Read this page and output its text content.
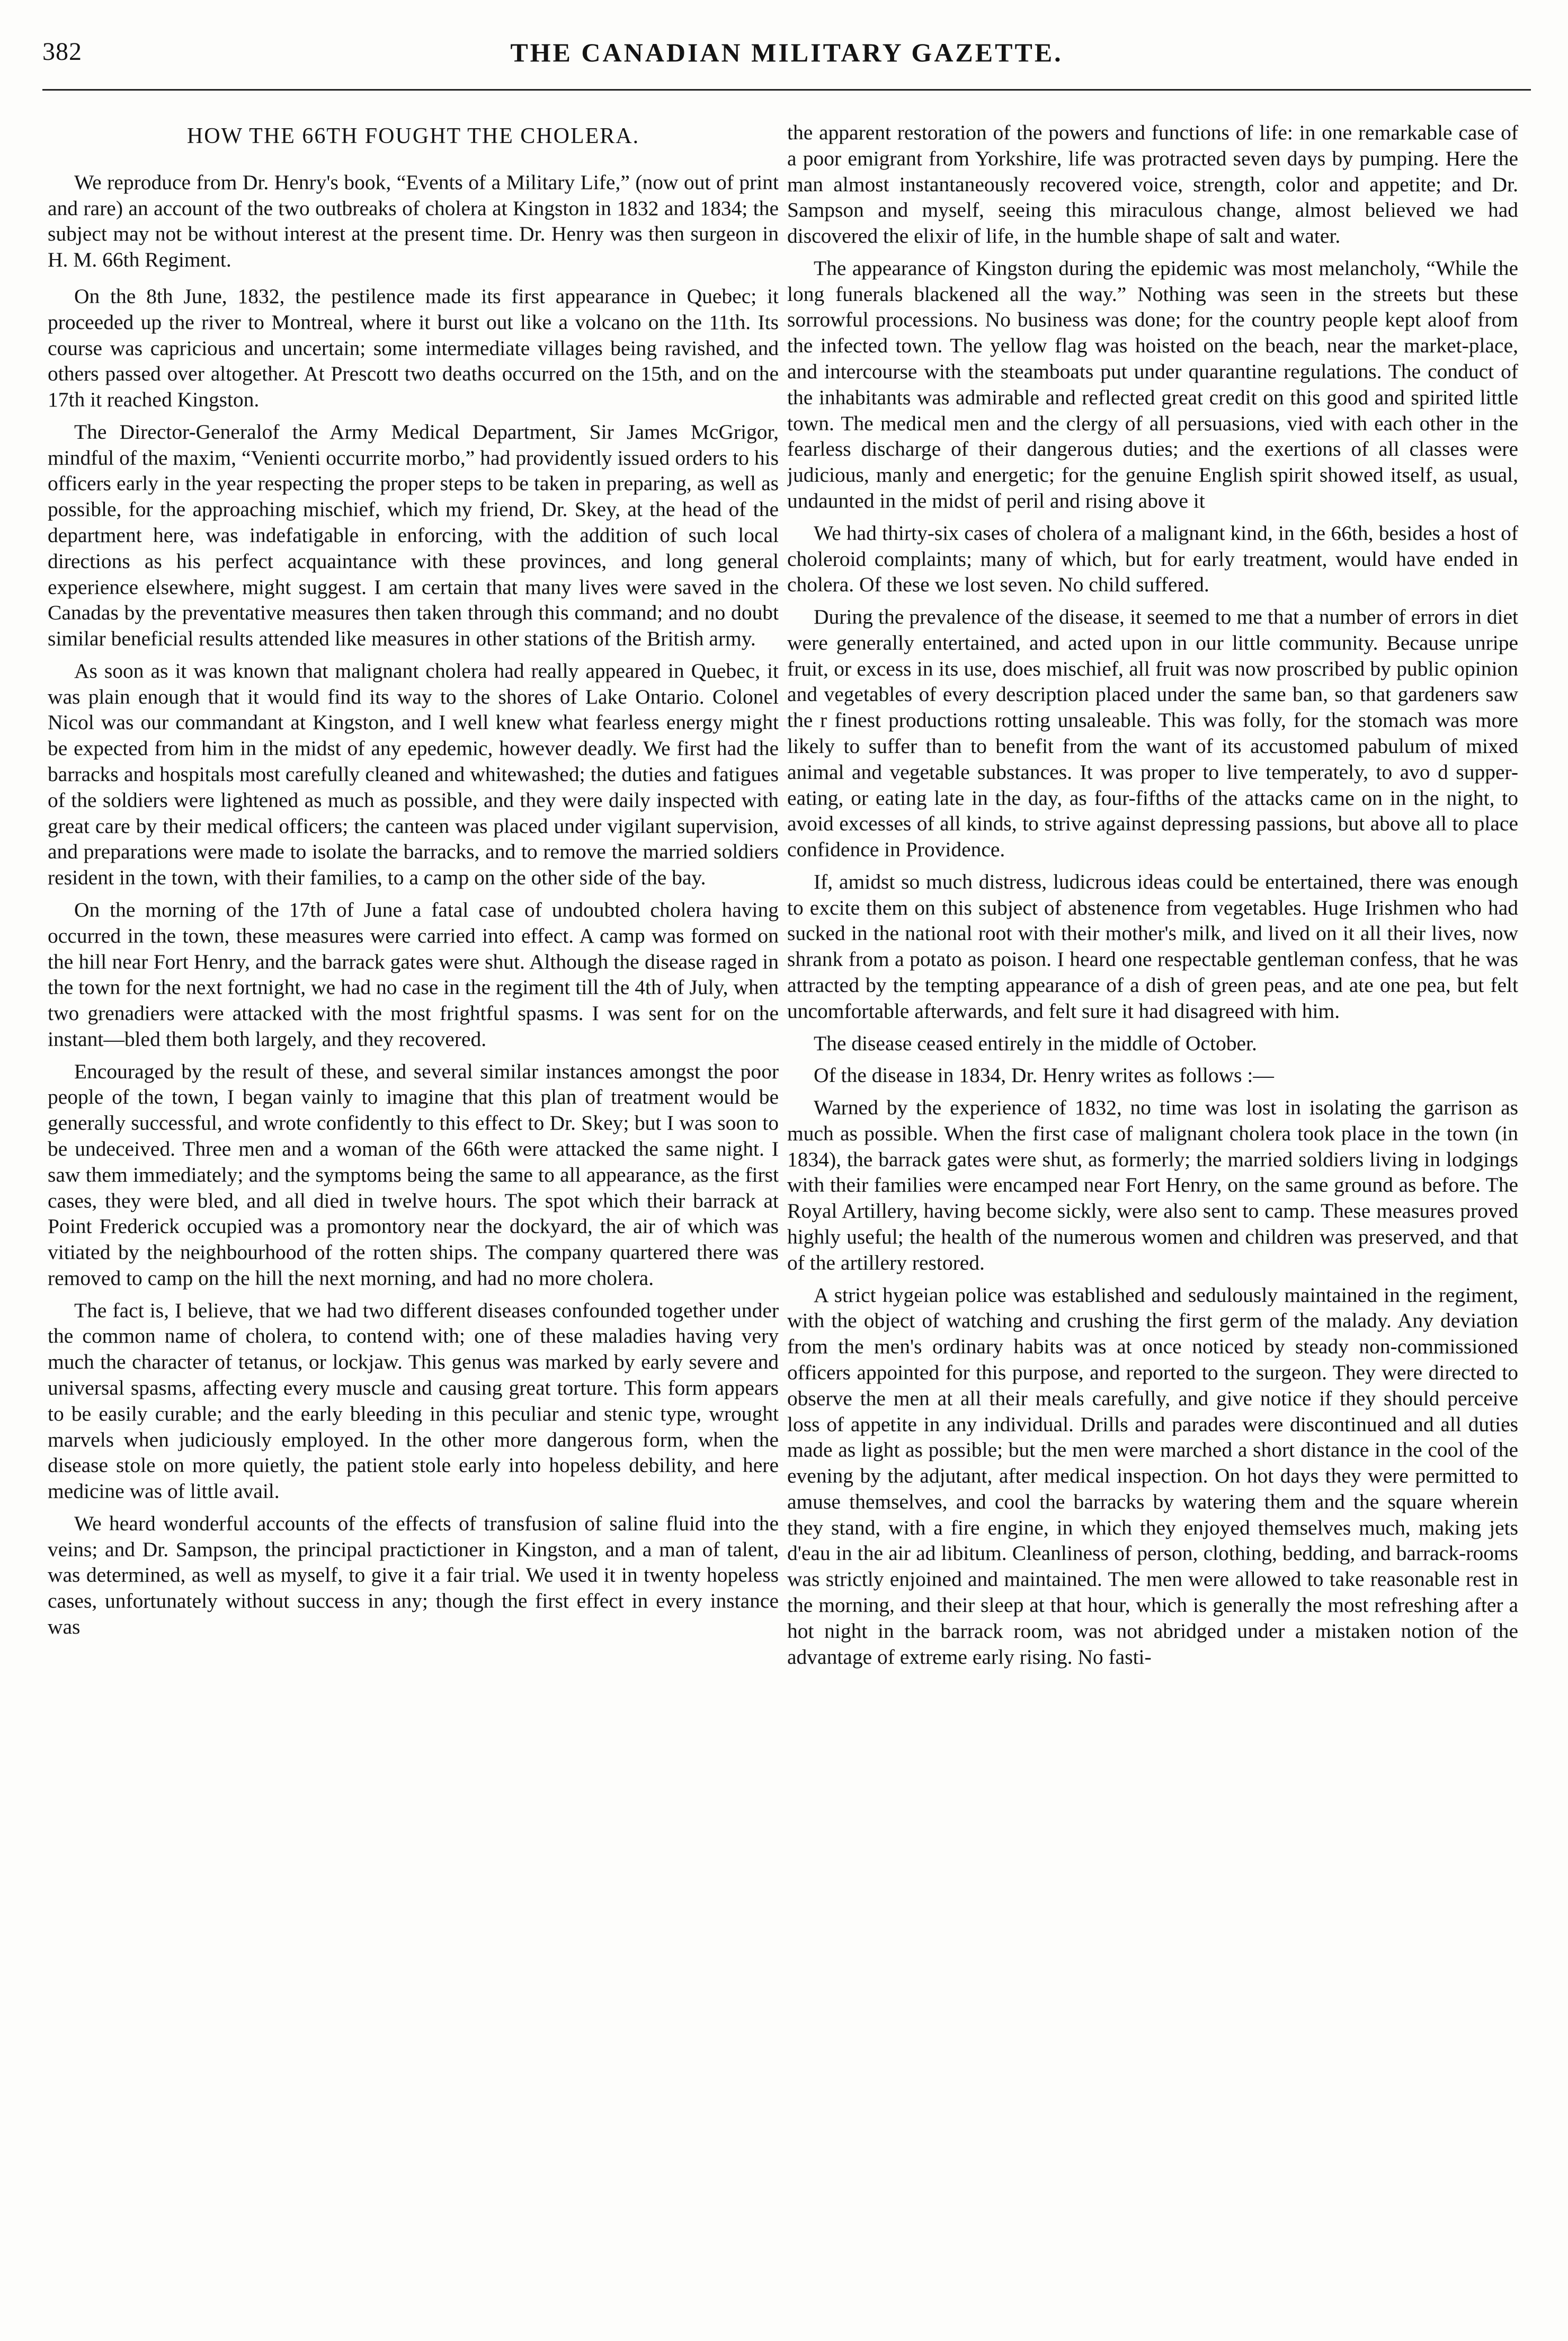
382	THE CANADIAN MILITARY GAZETTE.
HOW THE 66TH FOUGHT THE CHOLERA.

We reproduce from Dr. Henry's book, “Events of a Military Life,” (now out of print and rare) an account of the two outbreaks of cholera at Kingston in 1832 and 1834; the subject may not be without interest at the present time. Dr. Henry was then surgeon in H. M. 66th Regiment.

On the 8th June, 1832, the pestilence made its first appearance in Quebec; it proceeded up the river to Montreal, where it burst out like a volcano on the 11th. Its course was capricious and uncertain; some intermediate villages being ravished, and others passed over altogether. At Prescott two deaths occurred on the 15th, and on the 17th it reached Kingston.

The Director-Generalof the Army Medical Department, Sir James McGrigor, mindful of the maxim, “Venienti occurrite morbo,” had providently issued orders to his officers early in the year respecting the proper steps to be taken in preparing, as well as possible, for the approaching mischief, which my friend, Dr. Skey, at the head of the department here, was indefatigable in enforcing, with the addition of such local directions as his perfect acquaintance with these provinces, and long general experience elsewhere, might suggest. I am certain that many lives were saved in the Canadas by the preventative measures then taken through this command; and no doubt similar beneficial results attended like measures in other stations of the British army.

As soon as it was known that malignant cholera had really appeared in Quebec, it was plain enough that it would find its way to the shores of Lake Ontario. Colonel Nicol was our commandant at Kingston, and I well knew what fearless energy might be expected from him in the midst of any epedemic, however deadly. We first had the barracks and hospitals most carefully cleaned and whitewashed; the duties and fatigues of the soldiers were lightened as much as possible, and they were daily inspected with great care by their medical officers; the canteen was placed under vigilant supervision, and preparations were made to isolate the barracks, and to remove the married soldiers resident in the town, with their families, to a camp on the other side of the bay.

On the morning of the 17th of June a fatal case of undoubted cholera having occurred in the town, these measures were carried into effect. A camp was formed on the hill near Fort Henry, and the barrack gates were shut. Although the disease raged in the town for the next fortnight, we had no case in the regiment till the 4th of July, when two grenadiers were attacked with the most frightful spasms. I was sent for on the instant—bled them both largely, and they recovered.

Encouraged by the result of these, and several similar instances amongst the poor people of the town, I began vainly to imagine that this plan of treatment would be generally successful, and wrote confidently to this effect to Dr. Skey; but I was soon to be undeceived. Three men and a woman of the 66th were attacked the same night. I saw them immediately; and the symptoms being the same to all appearance, as the first cases, they were bled, and all died in twelve hours. The spot which their barrack at Point Frederick occupied was a promontory near the dockyard, the air of which was vitiated by the neighbourhood of the rotten ships. The company quartered there was removed to camp on the hill the next morning, and had no more cholera.

The fact is, I believe, that we had two different diseases confounded together under the common name of cholera, to contend with; one of these maladies having very much the character of tetanus, or lockjaw. This genus was marked by early severe and universal spasms, affecting every muscle and causing great torture. This form appears to be easily curable; and the early bleeding in this peculiar and stenic type, wrought marvels when judiciously employed. In the other more dangerous form, when the disease stole on more quietly, the patient stole early into hopeless debility, and here medicine was of little avail.

We heard wonderful accounts of the effects of transfusion of saline fluid into the veins; and Dr. Sampson, the principal practictioner in Kingston, and a man of talent, was determined, as well as myself, to give it a fair trial. We used it in twenty hopeless cases, unfortunately without success in any; though the first effect in every instance was

the apparent restoration of the powers and functions of life: in one remarkable case of a poor emigrant from Yorkshire, life was protracted seven days by pumping. Here the man almost instantaneously recovered voice, strength, color and appetite; and Dr. Sampson and myself, seeing this miraculous change, almost believed we had discovered the elixir of life, in the humble shape of salt and water.

The appearance of Kingston during the epidemic was most melancholy, “While the long funerals blackened all the way.” Nothing was seen in the streets but these sorrowful processions. No business was done; for the country people kept aloof from the infected town. The yellow flag was hoisted on the beach, near the market-place, and intercourse with the steamboats put under quarantine regulations. The conduct of the inhabitants was admirable and reflected great credit on this good and spirited little town. The medical men and the clergy of all persuasions, vied with each other in the fearless discharge of their dangerous duties; and the exertions of all classes were judicious, manly and energetic; for the genuine English spirit showed itself, as usual, undaunted in the midst of peril and rising above it

We had thirty-six cases of cholera of a malignant kind, in the 66th, besides a host of choleroid complaints; many of which, but for early treatment, would have ended in cholera. Of these we lost seven. No child suffered.

During the prevalence of the disease, it seemed to me that a number of errors in diet were generally entertained, and acted upon in our little community. Because unripe fruit, or excess in its use, does mischief, all fruit was now proscribed by public opinion and vegetables of every description placed under the same ban, so that gardeners saw the r finest productions rotting unsaleable. This was folly, for the stomach was more likely to suffer than to benefit from the want of its accustomed pabulum of mixed animal and vegetable substances. It was proper to live temperately, to avo d supper-eating, or eating late in the day, as four-fifths of the attacks came on in the night, to avoid excesses of all kinds, to strive against depressing passions, but above all to place confidence in Providence.

If, amidst so much distress, ludicrous ideas could be entertained, there was enough to excite them on this subject of abstenence from vegetables. Huge Irishmen who had sucked in the national root with their mother's milk, and lived on it all their lives, now shrank from a potato as poison. I heard one respectable gentleman confess, that he was attracted by the tempting appearance of a dish of green peas, and ate one pea, but felt uncomfortable afterwards, and felt sure it had disagreed with him.

The disease ceased entirely in the middle of October.

Of the disease in 1834, Dr. Henry writes as follows :—

Warned by the experience of 1832, no time was lost in isolating the garrison as much as possible. When the first case of malignant cholera took place in the town (in 1834), the barrack gates were shut, as formerly; the married soldiers living in lodgings with their families were encamped near Fort Henry, on the same ground as before. The Royal Artillery, having become sickly, were also sent to camp. These measures proved highly useful; the health of the numerous women and children was preserved, and that of the artillery restored.

A strict hygeian police was established and sedulously maintained in the regiment, with the object of watching and crushing the first germ of the malady. Any deviation from the men's ordinary habits was at once noticed by steady non-commissioned officers appointed for this purpose, and reported to the surgeon. They were directed to observe the men at all their meals carefully, and give notice if they should perceive loss of appetite in any individual. Drills and parades were discontinued and all duties made as light as possible; but the men were marched a short distance in the cool of the evening by the adjutant, after medical inspection. On hot days they were permitted to amuse themselves, and cool the barracks by watering them and the square wherein they stand, with a fire engine, in which they enjoyed themselves much, making jets d'eau in the air ad libitum. Cleanliness of person, clothing, bedding, and barrack-rooms was strictly enjoined and maintained. The men were allowed to take reasonable rest in the morning, and their sleep at that hour, which is generally the most refreshing after a hot night in the barrack room, was not abridged under a mistaken notion of the advantage of extreme early rising. No fasti-
